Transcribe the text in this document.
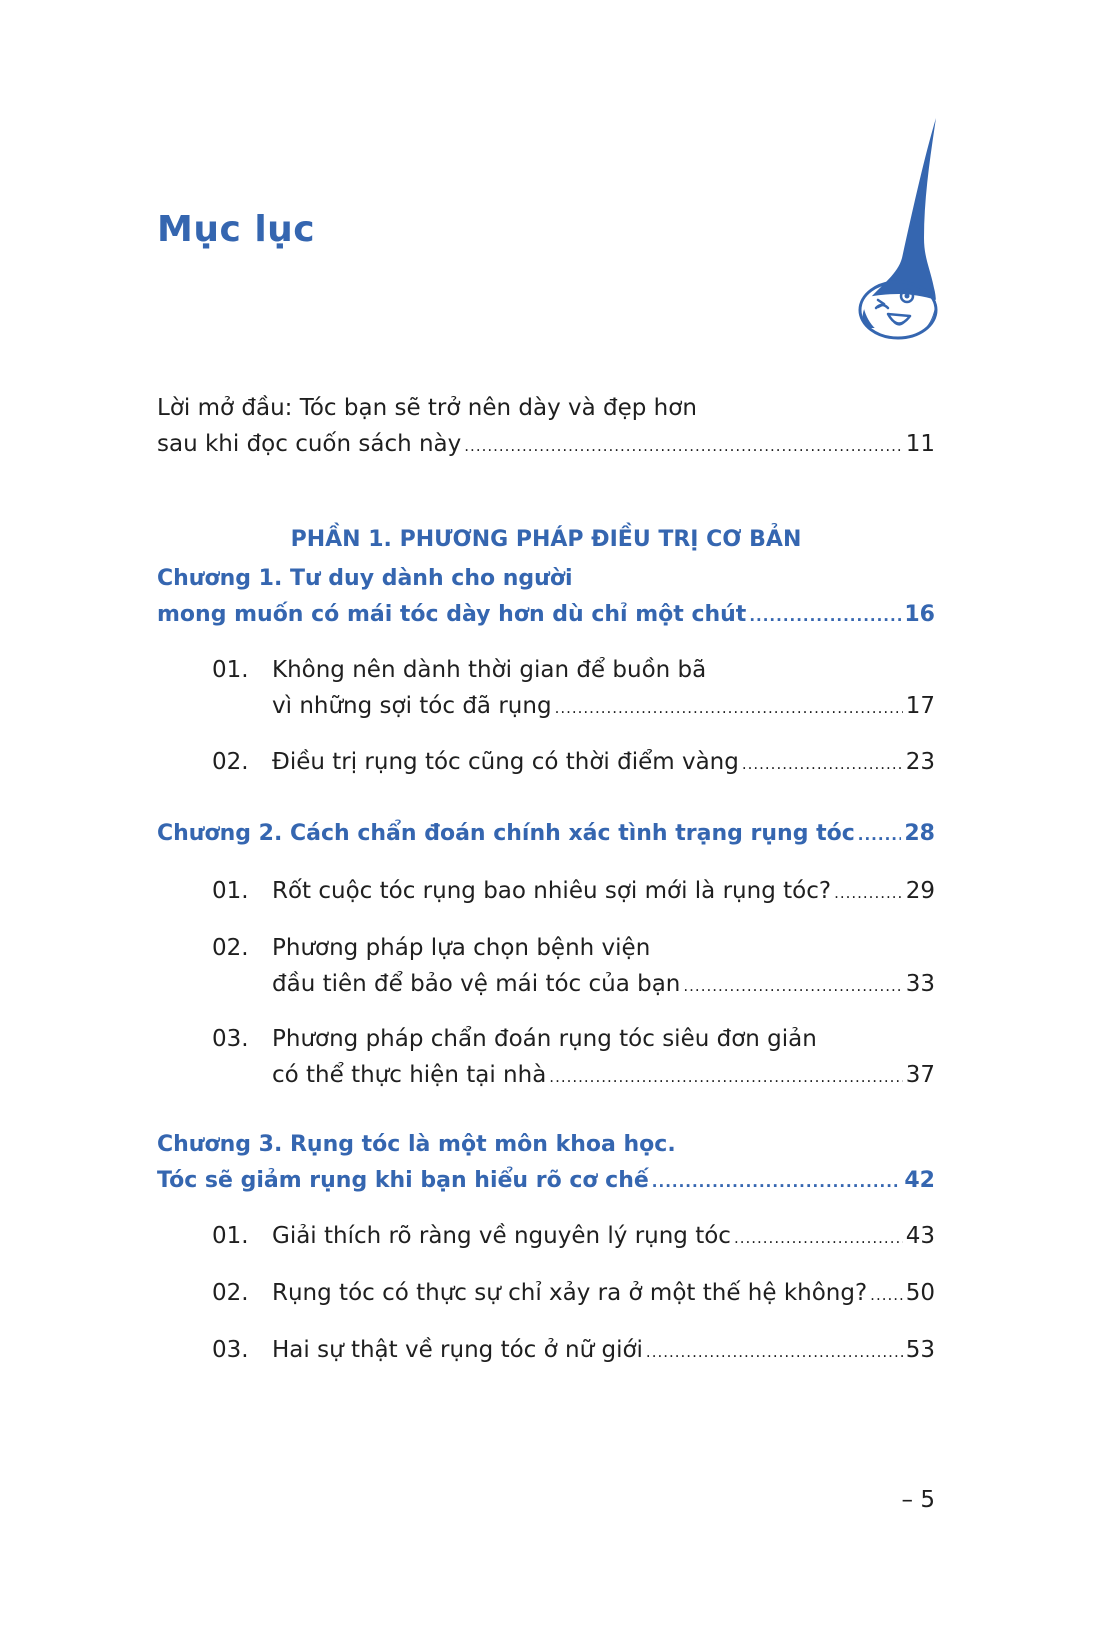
Mục lục
Lời mở đầu: Tóc bạn sẽ trở nên dày và đẹp hơn
sau khi đọc cuốn sách này .....	11
PHẦN 1. PHƯƠNG PHÁP ĐIỀU TRỊ CƠ BẢN
Chương 1. Tư duy dành cho người
mong muốn có mái tóc dày hơn dù chỉ một chút .....	16
01.	Không nên dành thời gian để buồn bã
vì những sợi tóc đã rụng .....	17
02.	Điều trị rụng tóc cũng có thời điểm vàng .....	23
Chương 2. Cách chẩn đoán chính xác tình trạng rụng tóc ..... 28
01.	Rốt cuộc tóc rụng bao nhiêu sợi mới là rụng tóc? .....	29
02.	Phương pháp lựa chọn bệnh viện
đầu tiên để bảo vệ mái tóc của bạn .....	33
03.	Phương pháp chẩn đoán rụng tóc siêu đơn giản
có thể thực hiện tại nhà .....	37
Chương 3. Rụng tóc là một môn khoa học.
Tóc sẽ giảm rụng khi bạn hiểu rõ cơ chế .....	42
01.	Giải thích rõ ràng về nguyên lý rụng tóc .....	43
02.	Rụng tóc có thực sự chỉ xảy ra ở một thế hệ không? ..... 50
03.	Hai sự thật về rụng tóc ở nữ giới .....	53
– 5
